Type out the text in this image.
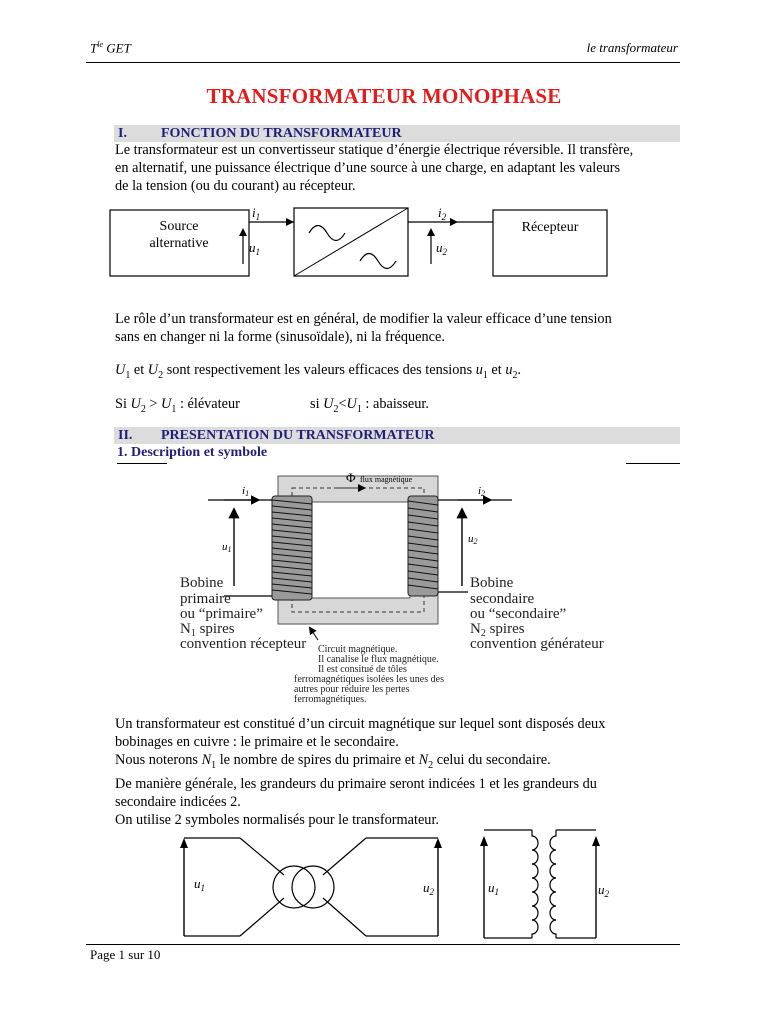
$T^{le}$ GET	le transformateur
TRANSFORMATEUR MONOPHASE
I. FONCTION DU TRANSFORMATEUR
Le transformateur est un convertisseur statique d’énergie électrique réversible. Il transfère,
en alternatif, une puissance électrique d’une source à une charge, en adaptant les valeurs
de la tension (ou du courant) au récepteur.
Source
alternative
$i_1$
$u_1$
$i_2$
$u_2$
Récepteur
Le rôle d’un transformateur est en général, de modifier la valeur efficace d’une tension
sans en changer ni la forme (sinusoïdale), ni la fréquence.
$U_1$ et $U_2$ sont respectivement les valeurs efficaces des tensions $u_1$ et $u_2$.
Si $U_2 > U_1$ : élévateur	si $U_2<U_1$ : abaisseur.
II. PRESENTATION DU TRANSFORMATEUR
1. Description et symbole
Φ flux magnétique
i1
u1
i2
u2
Bobine
primaire
ou “primaire”
$N_1$ spires
convention récepteur
Bobine
secondaire
ou “secondaire”
$N_2$ spires
convention générateur
Circuit magnétique.
Il canalise le flux magnétique.
Il est consitué de tôles
ferromagnétiques isolées les unes des
autres pour réduire les pertes
ferromagnétiques.
Un transformateur est constitué d’un circuit magnétique sur lequel sont disposés deux
bobinages en cuivre : le primaire et le secondaire.
Nous noterons $N_1$ le nombre de spires du primaire et $N_2$ celui du secondaire.
De manière générale, les grandeurs du primaire seront indicées 1 et les grandeurs du
secondaire indicées 2.
On utilise 2 symboles normalisés pour le transformateur.
$u_1$	$u_2$	$u_1$	$u_2$
Page 1 sur 10
